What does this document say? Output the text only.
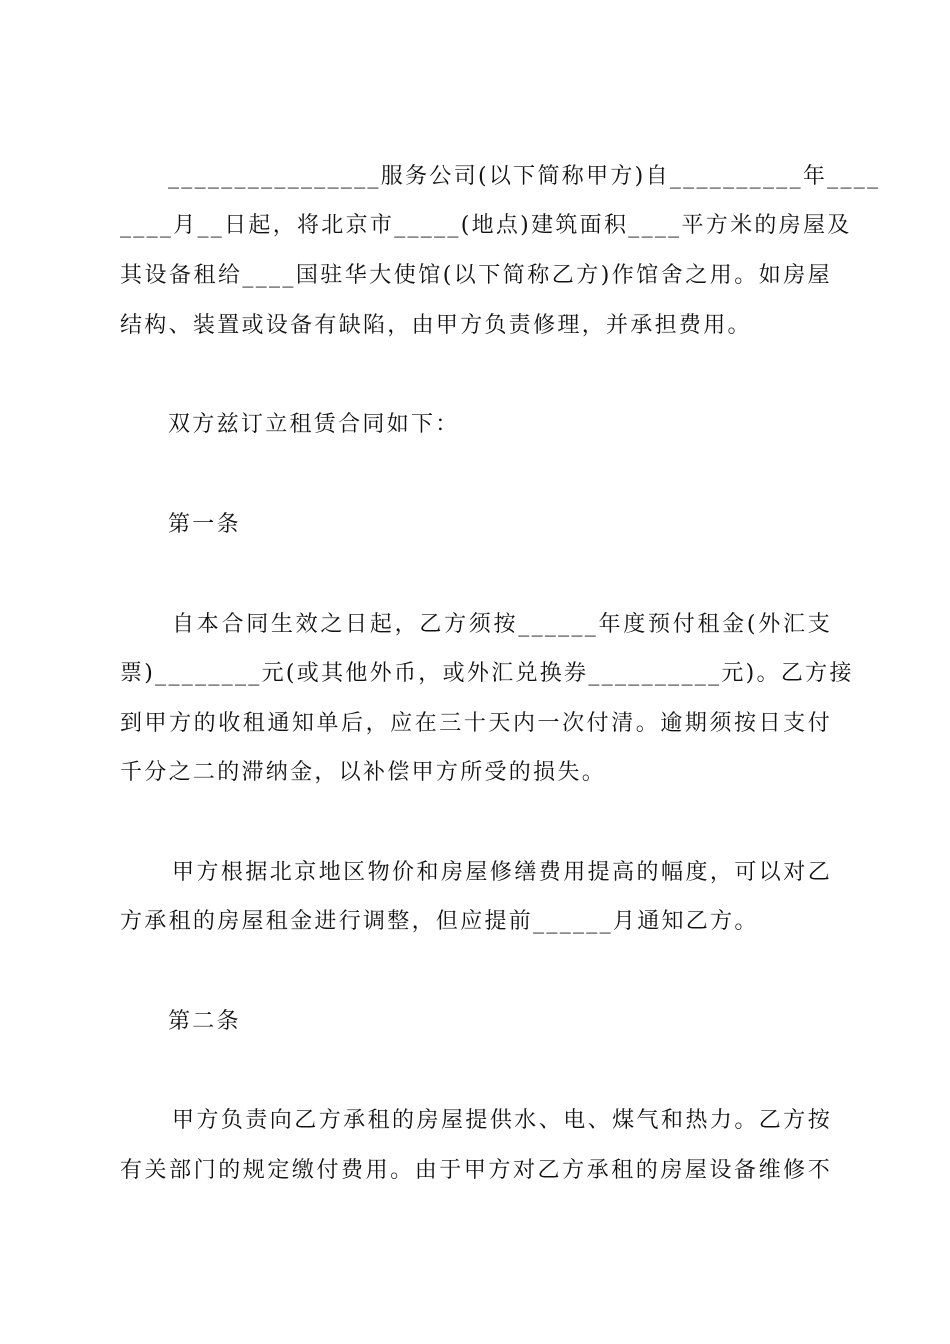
________________服务公司(以下简称甲方)自__________年____
____月__日起，将北京市_____(地点)建筑面积____平方米的房屋及
其设备租给____国驻华大使馆(以下简称乙方)作馆舍之用。如房屋
结构、装置或设备有缺陷，由甲方负责修理，并承担费用。
双方兹订立租赁合同如下：
第一条
自本合同生效之日起，乙方须按______年度预付租金(外汇支
票)________元(或其他外币，或外汇兑换券__________元)。乙方接
到甲方的收租通知单后，应在三十天内一次付清。逾期须按日支付
千分之二的滞纳金，以补偿甲方所受的损失。
甲方根据北京地区物价和房屋修缮费用提高的幅度，可以对乙
方承租的房屋租金进行调整，但应提前______月通知乙方。
第二条
甲方负责向乙方承租的房屋提供水、电、煤气和热力。乙方按
有关部门的规定缴付费用。由于甲方对乙方承租的房屋设备维修不
